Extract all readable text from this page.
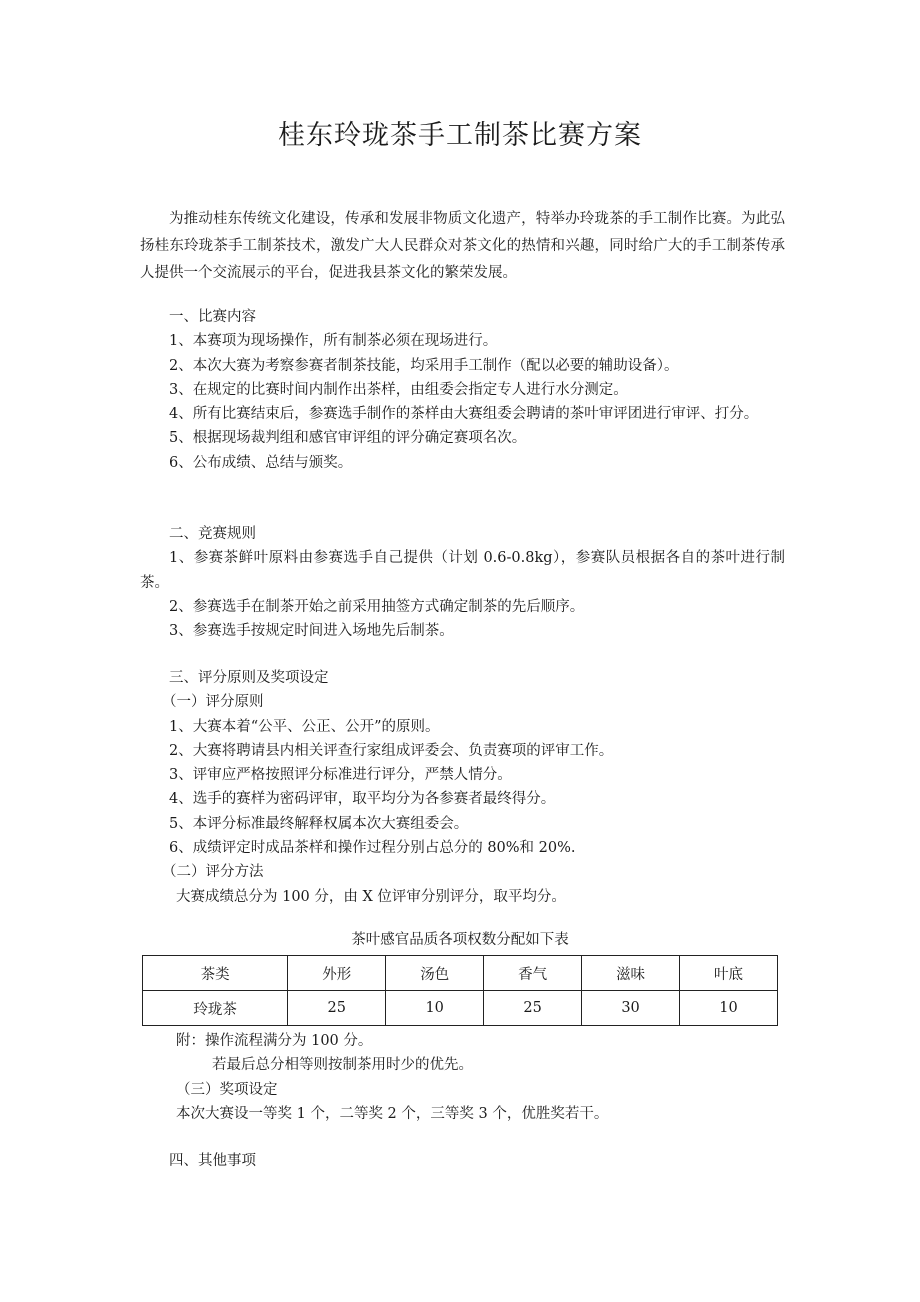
桂东玲珑茶手工制茶比赛方案
为推动桂东传统文化建设，传承和发展非物质文化遗产，特举办玲珑茶的手工制作比赛。为此弘扬桂东玲珑茶手工制茶技术，激发广大人民群众对茶文化的热情和兴趣，同时给广大的手工制茶传承人提供一个交流展示的平台，促进我县茶文化的繁荣发展。
一、比赛内容
1、本赛项为现场操作，所有制茶必须在现场进行。
2、本次大赛为考察参赛者制茶技能，均采用手工制作（配以必要的辅助设备）。
3、在规定的比赛时间内制作出茶样，由组委会指定专人进行水分测定。
4、所有比赛结束后，参赛选手制作的茶样由大赛组委会聘请的茶叶审评团进行审评、打分。
5、根据现场裁判组和感官审评组的评分确定赛项名次。
6、公布成绩、总结与颁奖。
二、竞赛规则
1、参赛茶鲜叶原料由参赛选手自己提供（计划 0.6-0.8kg），参赛队员根据各自的茶叶进行制茶。
2、参赛选手在制茶开始之前采用抽签方式确定制茶的先后顺序。
3、参赛选手按规定时间进入场地先后制茶。
三、评分原则及奖项设定
（一）评分原则
1、大赛本着“公平、公正、公开”的原则。
2、大赛将聘请县内相关评查行家组成评委会、负责赛项的评审工作。
3、评审应严格按照评分标准进行评分，严禁人情分。
4、选手的赛样为密码评审，取平均分为各参赛者最终得分。
5、本评分标准最终解释权属本次大赛组委会。
6、成绩评定时成品茶样和操作过程分别占总分的 80%和 20%.
（二）评分方法
大赛成绩总分为 100 分，由 X 位评审分别评分，取平均分。
茶叶感官品质各项权数分配如下表
茶类	外形	汤色	香气	滋味	叶底
玲珑茶	25	10	25	30	10
附：操作流程满分为 100 分。
若最后总分相等则按制茶用时少的优先。
（三）奖项设定
本次大赛设一等奖 1 个，二等奖 2 个，三等奖 3 个，优胜奖若干。
四、其他事项
